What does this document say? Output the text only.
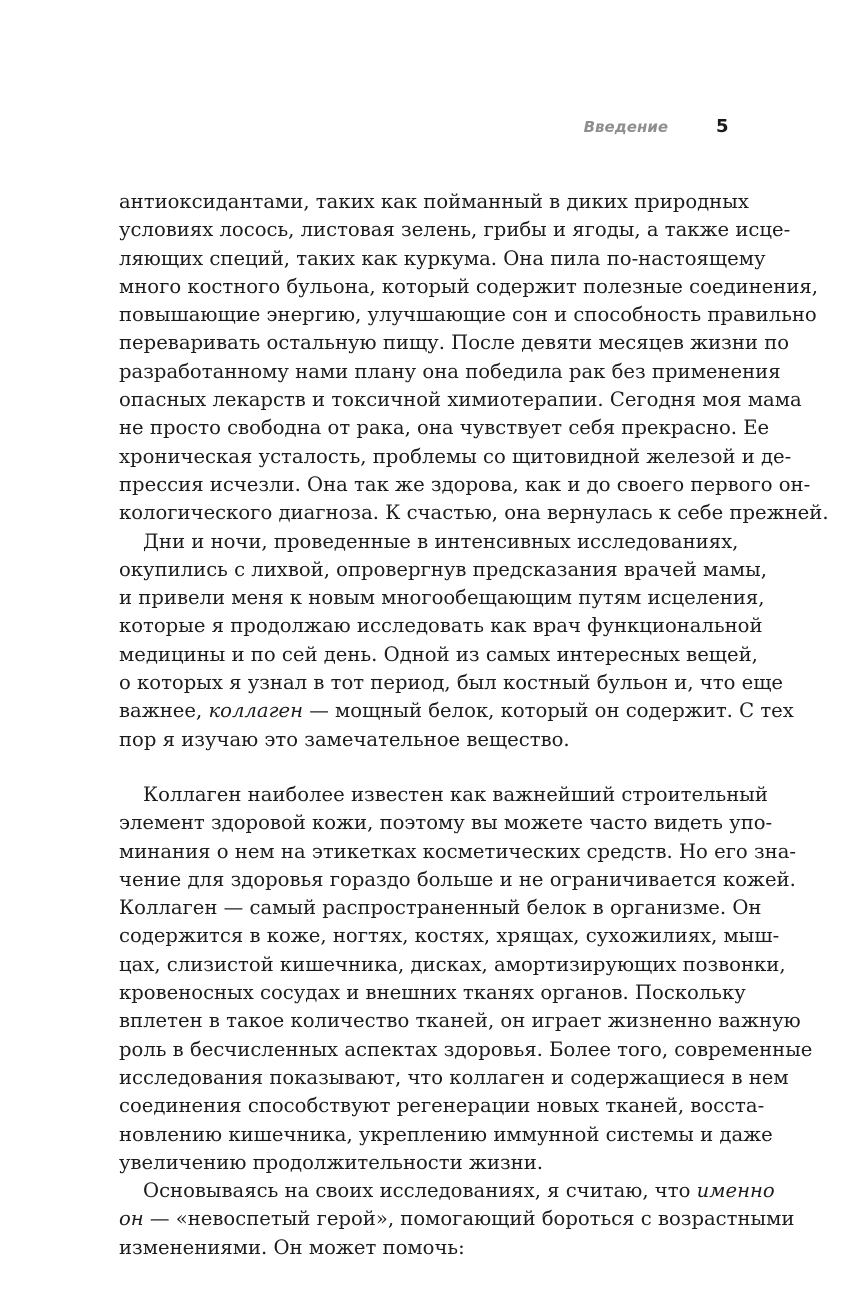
Введение	5
антиоксидантами, таких как пойманный в диких природных
условиях лосось, листовая зелень, грибы и ягоды, а также исце-
ляющих специй, таких как куркума. Она пила по-настоящему
много костного бульона, который содержит полезные соединения,
повышающие энергию, улучшающие сон и способность правильно
переваривать остальную пищу. После девяти месяцев жизни по
разработанному нами плану она победила рак без применения
опасных лекарств и токсичной химиотерапии. Сегодня моя мама
не просто свободна от рака, она чувствует себя прекрасно. Ее
хроническая усталость, проблемы со щитовидной железой и де-
прессия исчезли. Она так же здорова, как и до своего первого он-
кологического диагноза. К счастью, она вернулась к себе прежней.
Дни и ночи, проведенные в интенсивных исследованиях,
окупились с лихвой, опровергнув предсказания врачей мамы,
и привели меня к новым многообещающим путям исцеления,
которые я продолжаю исследовать как врач функциональной
медицины и по сей день. Одной из самых интересных вещей,
о которых я узнал в тот период, был костный бульон и, что еще
важнее, коллаген — мощный белок, который он содержит. С тех
пор я изучаю это замечательное вещество.
Коллаген наиболее известен как важнейший строительный
элемент здоровой кожи, поэтому вы можете часто видеть упо-
минания о нем на этикетках косметических средств. Но его зна-
чение для здоровья гораздо больше и не ограничивается кожей.
Коллаген — самый распространенный белок в организме. Он
содержится в коже, ногтях, костях, хрящах, сухожилиях, мыш-
цах, слизистой кишечника, дисках, амортизирующих позвонки,
кровеносных сосудах и внешних тканях органов. Поскольку
вплетен в такое количество тканей, он играет жизненно важную
роль в бесчисленных аспектах здоровья. Более того, современные
исследования показывают, что коллаген и содержащиеся в нем
соединения способствуют регенерации новых тканей, восста-
новлению кишечника, укреплению иммунной системы и даже
увеличению продолжительности жизни.
Основываясь на своих исследованиях, я считаю, что именно
он — «невоспетый герой», помогающий бороться с возрастными
изменениями. Он может помочь:
